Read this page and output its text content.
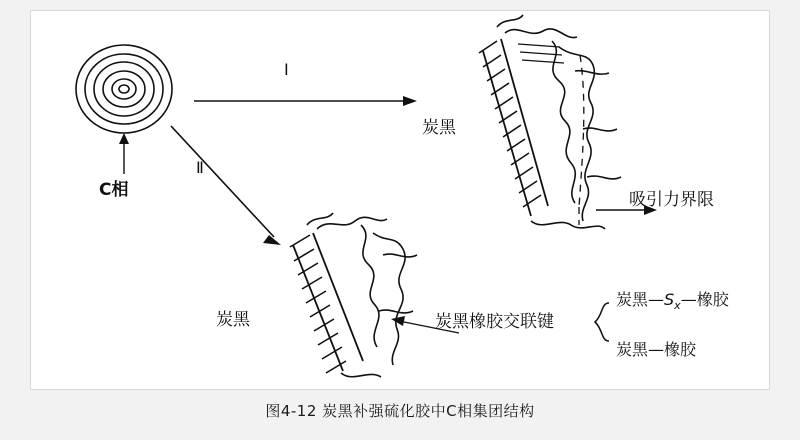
C相
Ⅰ
Ⅱ
炭黑
吸引力界限
炭黑	炭黑橡胶交联键
炭黑$—S_x—$橡胶
炭黑—橡胶
图4-12 炭黑补强硫化胶中C相集团结构
